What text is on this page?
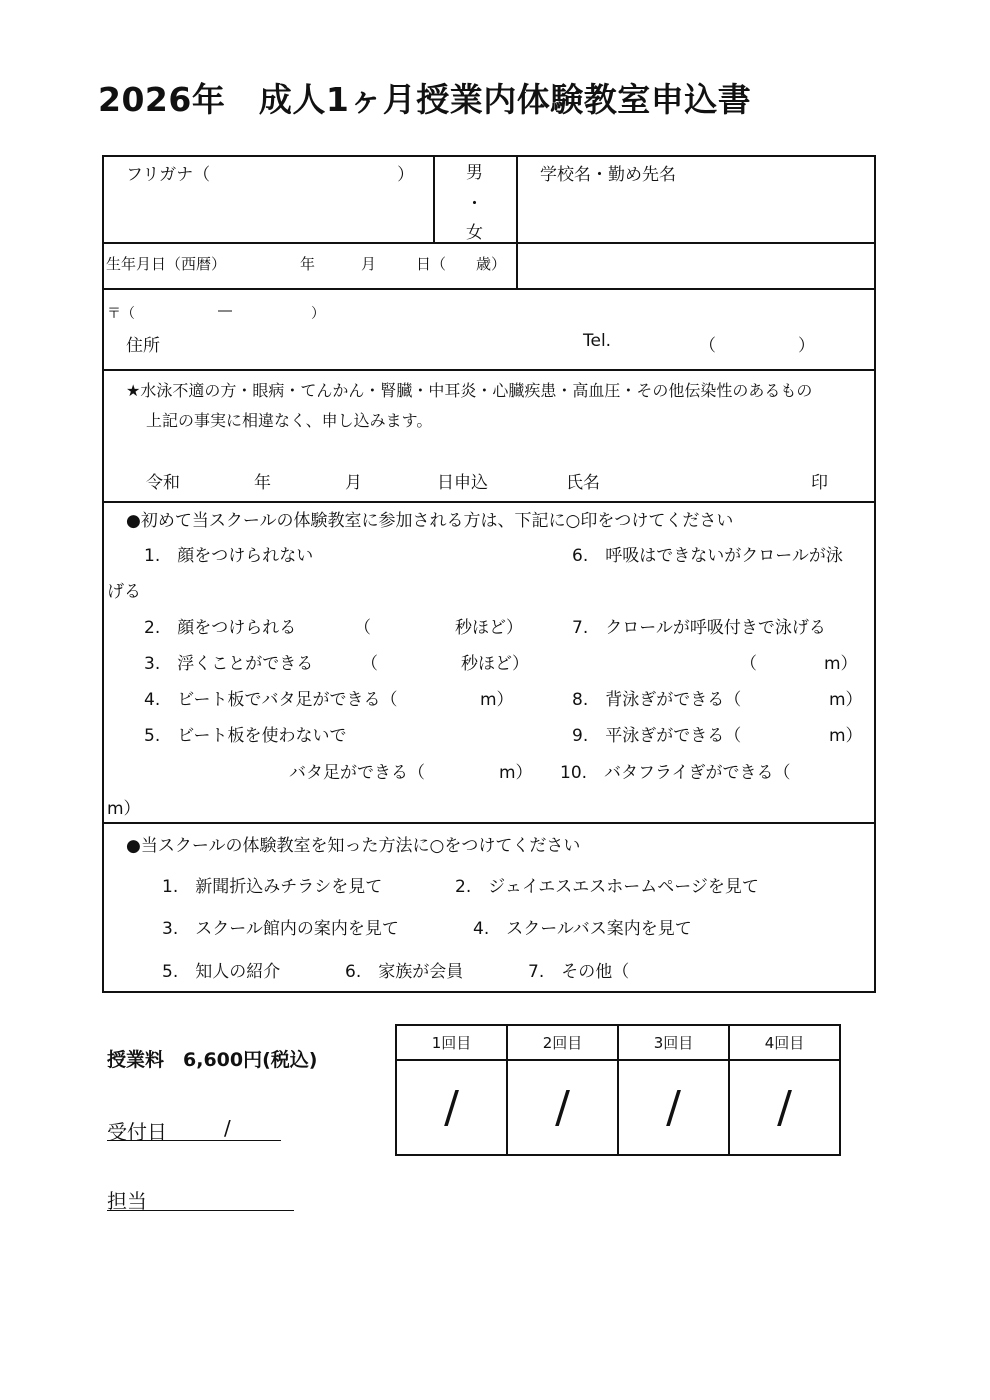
2026年　成人1ヶ月授業内体験教室申込書
フリガナ（　　　　　　　　　　　）	男
・
女
学校名・勤め先名
生年月日（西暦）	年	月	日（　　歳）
〒（	―	）
住所	Tel.	（	）
★水泳不適の方・眼病・てんかん・腎臓・中耳炎・心臓疾患・高血圧・その他伝染性のあるもの
上記の事実に相違なく、申し込みます。
令和	年	月	日申込	氏名	印
●初めて当スクールの体験教室に参加される方は、下記に○印をつけてください
1.　顔をつけられない	6.　呼吸はできないがクロールが泳
げる
2.　顔をつけられる	（	秒ほど）	7.　クロールが呼吸付きで泳げる
3.　浮くことができる	（	秒ほど）	（	m）
4.　ビート板でバタ足ができる（	m）	8.　背泳ぎができる（	m）
5.　ビート板を使わないで	9.　平泳ぎができる（	m）
バタ足ができる（	m） 10.　バタフライぎができる（
m）
●当スクールの体験教室を知った方法に○をつけてください
1.　新聞折込みチラシを見て	2.　ジェイエスエスホームページを見て
3.　スクール館内の案内を見て	4.　スクールバス案内を見て
5.　知人の紹介	6.　家族が会員	7.　その他（
授業料　6,600円(税込)
受付日	/
担当
1回目	2回目	3回目	4回目
/	/	/	/
